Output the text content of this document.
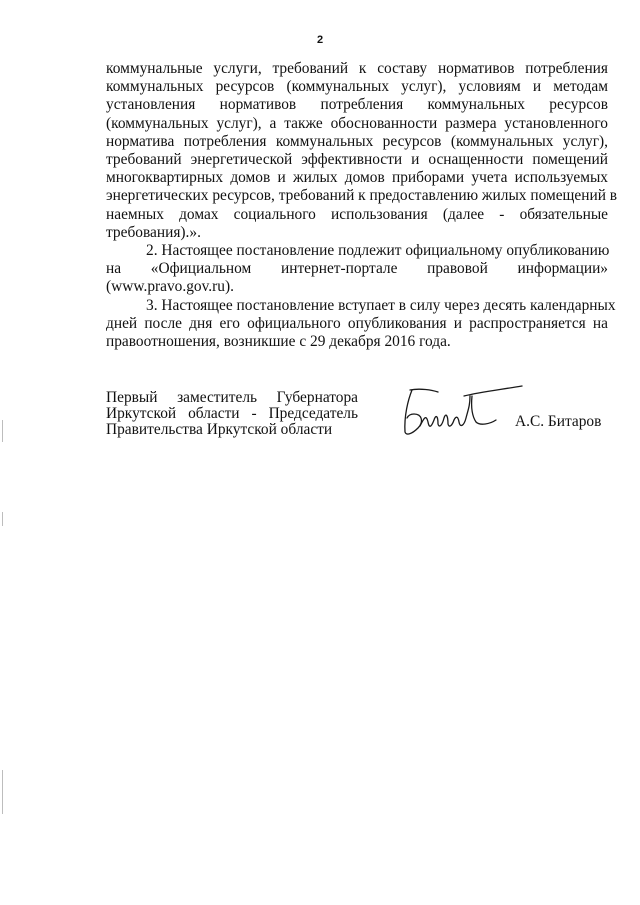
2

коммунальные услуги, требований к составу нормативов потребления
коммунальных ресурсов (коммунальных услуг), условиям и методам
установления нормативов потребления коммунальных ресурсов
(коммунальных услуг), а также обоснованности размера установленного
норматива потребления коммунальных ресурсов (коммунальных услуг),
требований энергетической эффективности и оснащенности помещений
многоквартирных домов и жилых домов приборами учета используемых
энергетических ресурсов, требований к предоставлению жилых помещений в
наемных домах социального использования (далее - обязательные
требования).».

2. Настоящее постановление подлежит официальному опубликованию
на «Официальном интернет-портале правовой информации»
(www.pravo.gov.ru).

3. Настоящее постановление вступает в силу через десять календарных
дней после дня его официального опубликования и распространяется на
правоотношения, возникшие с 29 декабря 2016 года.

Первый заместитель Губернатора
Иркутской области - Председатель
Правительства Иркутской области	А.С. Битаров
